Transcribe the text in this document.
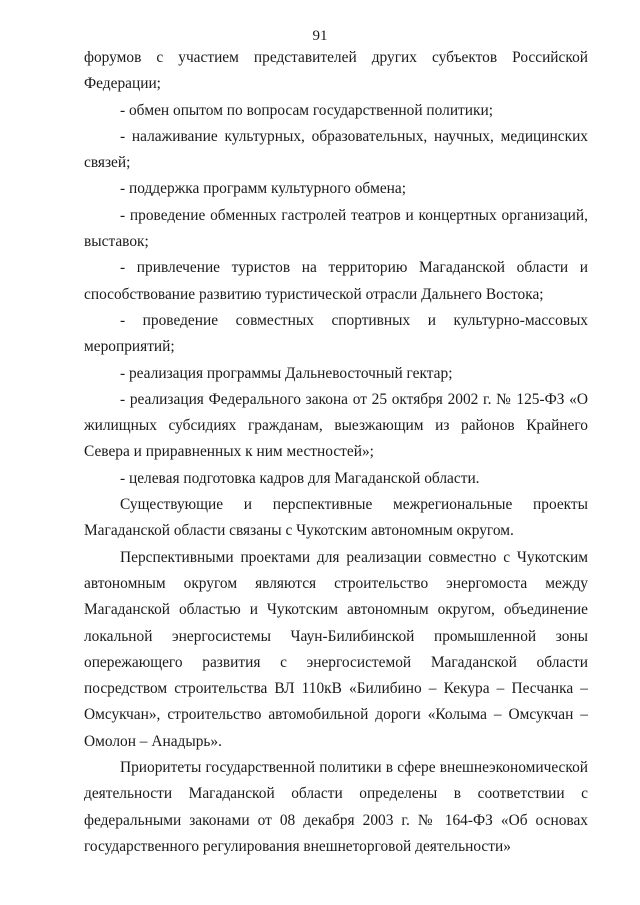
91

форумов с участием представителей других субъектов Российской Федерации;

- обмен опытом по вопросам государственной политики;

- налаживание культурных, образовательных, научных, медицинских связей;

- поддержка программ культурного обмена;

- проведение обменных гастролей театров и концертных организаций, выставок;

- привлечение туристов на территорию Магаданской области и способствование развитию туристической отрасли Дальнего Востока;

- проведение совместных спортивных и культурно-массовых мероприятий;

- реализация программы Дальневосточный гектар;

- реализация Федерального закона от 25 октября 2002 г. № 125-ФЗ «О жилищных субсидиях гражданам, выезжающим из районов Крайнего Севера и приравненных к ним местностей»;

- целевая подготовка кадров для Магаданской области.

Существующие и перспективные межрегиональные проекты Магаданской области связаны с Чукотским автономным округом.

Перспективными проектами для реализации совместно с Чукотским автономным округом являются строительство энергомоста между Магаданской областью и Чукотским автономным округом, объединение локальной энергосистемы Чаун-Билибинской промышленной зоны опережающего развития с энергосистемой Магаданской области посредством строительства ВЛ 110кВ «Билибино – Кекура – Песчанка – Омсукчан», строительство автомобильной дороги «Колыма – Омсукчан – Омолон – Анадырь».

Приоритеты государственной политики в сфере внешнеэкономической деятельности Магаданской области определены в соответствии с федеральными законами от 08 декабря 2003 г. № 164-ФЗ «Об основах государственного регулирования внешнеторговой деятельности»
